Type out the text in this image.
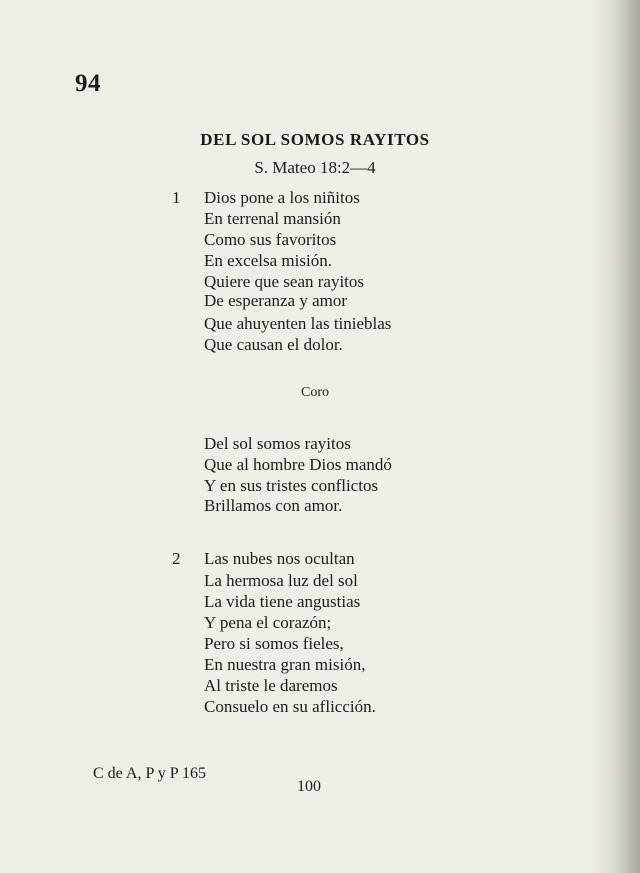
94
DEL SOL SOMOS RAYITOS
S. Mateo 18:2—4
1 Dios pone a los niñitos
En terrenal mansión
Como sus favoritos
En excelsa misión.
Quiere que sean rayitos
De esperanza y amor
Que ahuyenten las tinieblas
Que causan el dolor.
Coro
Del sol somos rayitos
Que al hombre Dios mandó
Y en sus tristes conflictos
Brillamos con amor.
2 Las nubes nos ocultan
La hermosa luz del sol
La vida tiene angustias
Y pena el corazón;
Pero si somos fieles,
En nuestra gran misión,
Al triste le daremos
Consuelo en su aflicción.
C de A, P y P 165
100
